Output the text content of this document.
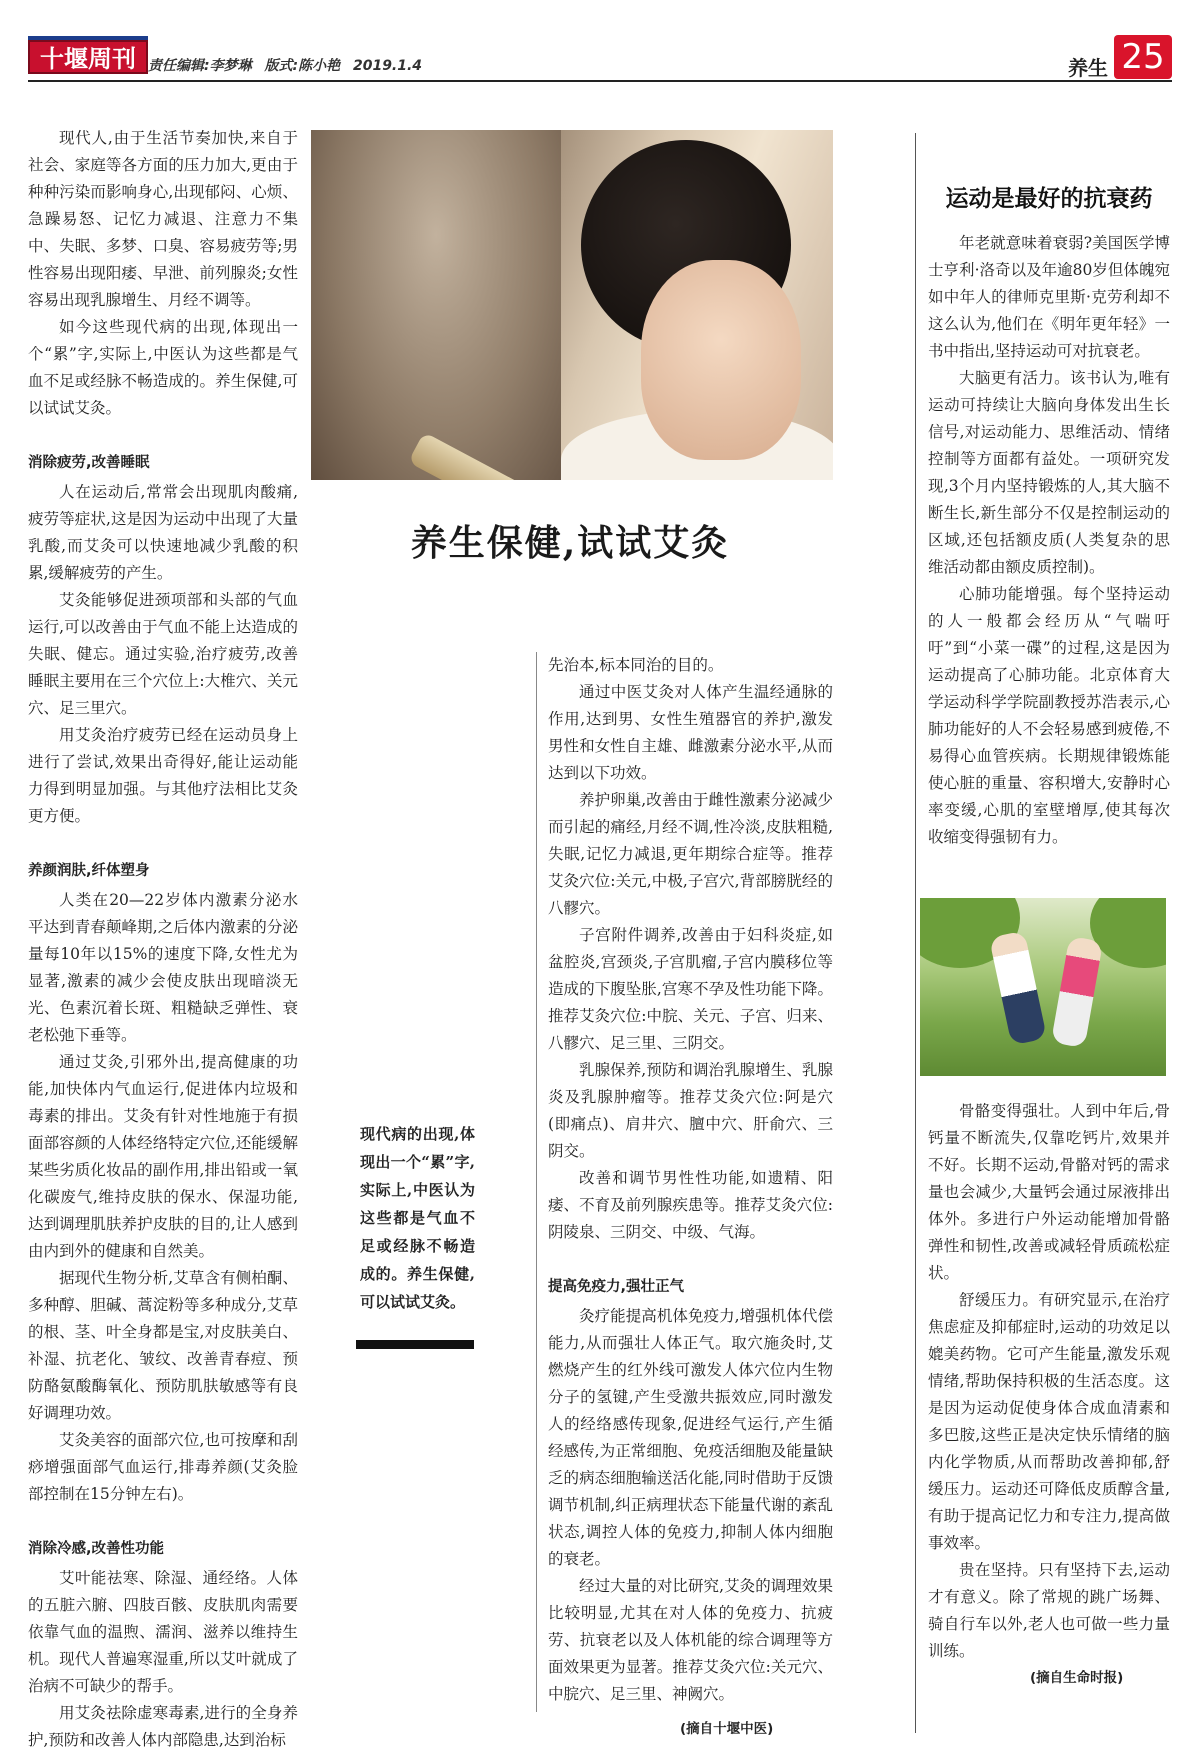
十堰周刊 责任编辑:李梦琳 版式:陈小艳 2019.1.4	养生 25

现代人,由于生活节奏加快,来自于社会、家庭等各方面的压力加大,更由于种种污染而影响身心,出现郁闷、心烦、急躁易怒、记忆力减退、注意力不集中、失眠、多梦、口臭、容易疲劳等;男性容易出现阳痿、早泄、前列腺炎;女性容易出现乳腺增生、月经不调等。

如今这些现代病的出现,体现出一个“累”字,实际上,中医认为这些都是气血不足或经脉不畅造成的。养生保健,可以试试艾灸。

消除疲劳,改善睡眠

人在运动后,常常会出现肌肉酸痛,疲劳等症状,这是因为运动中出现了大量乳酸,而艾灸可以快速地减少乳酸的积累,缓解疲劳的产生。

艾灸能够促进颈项部和头部的气血运行,可以改善由于气血不能上达造成的失眠、健忘。通过实验,治疗疲劳,改善睡眠主要用在三个穴位上:大椎穴、关元穴、足三里穴。

用艾灸治疗疲劳已经在运动员身上进行了尝试,效果出奇得好,能让运动能力得到明显加强。与其他疗法相比艾灸更方便。

养颜润肤,纤体塑身

人类在20—22岁体内激素分泌水平达到青春颠峰期,之后体内激素的分泌量每10年以15%的速度下降,女性尤为显著,激素的减少会使皮肤出现暗淡无光、色素沉着长斑、粗糙缺乏弹性、衰老松弛下垂等。

通过艾灸,引邪外出,提高健康的功能,加快体内气血运行,促进体内垃圾和毒素的排出。艾灸有针对性地施于有损面部容颜的人体经络特定穴位,还能缓解某些劣质化妆品的副作用,排出铅或一氧化碳废气,维持皮肤的保水、保湿功能,达到调理肌肤养护皮肤的目的,让人感到由内到外的健康和自然美。

据现代生物分析,艾草含有侧柏酮、多种醇、胆碱、蒿淀粉等多种成分,艾草的根、茎、叶全身都是宝,对皮肤美白、补湿、抗老化、皱纹、改善青春痘、预防酪氨酸酶氧化、预防肌肤敏感等有良好调理功效。

艾灸美容的面部穴位,也可按摩和刮痧增强面部气血运行,排毒养颜(艾灸脸部控制在15分钟左右)。

消除冷感,改善性功能

艾叶能祛寒、除湿、通经络。人体的五脏六腑、四肢百骸、皮肤肌肉需要依靠气血的温煦、濡润、滋养以维持生机。现代人普遍寒湿重,所以艾叶就成了治病不可缺少的帮手。

用艾灸祛除虚寒毒素,进行的全身养护,预防和改善人体内部隐患,达到治标

养生保健,试试艾灸
现代病的出现,体现出一个“累”字,实际上,中医认为这些都是气血不足或经脉不畅造成的。养生保健,可以试试艾灸。

先治本,标本同治的目的。

通过中医艾灸对人体产生温经通脉的作用,达到男、女性生殖器官的养护,激发男性和女性自主雄、雌激素分泌水平,从而达到以下功效。

养护卵巢,改善由于雌性激素分泌减少而引起的痛经,月经不调,性冷淡,皮肤粗糙,失眠,记忆力减退,更年期综合症等。推荐艾灸穴位:关元,中极,子宫穴,背部膀胱经的八髎穴。

子宫附件调养,改善由于妇科炎症,如盆腔炎,宫颈炎,子宫肌瘤,子宫内膜移位等造成的下腹坠胀,宫寒不孕及性功能下降。推荐艾灸穴位:中脘、关元、子宫、归来、八髎穴、足三里、三阴交。

乳腺保养,预防和调治乳腺增生、乳腺炎及乳腺肿瘤等。推荐艾灸穴位:阿是穴(即痛点)、肩井穴、膻中穴、肝俞穴、三阴交。

改善和调节男性性功能,如遗精、阳痿、不育及前列腺疾患等。推荐艾灸穴位:阴陵泉、三阴交、中级、气海。

提高免疫力,强壮正气

灸疗能提高机体免疫力,增强机体代偿能力,从而强壮人体正气。取穴施灸时,艾燃烧产生的红外线可激发人体穴位内生物分子的氢键,产生受激共振效应,同时激发人的经络感传现象,促进经气运行,产生循经感传,为正常细胞、免疫活细胞及能量缺乏的病态细胞输送活化能,同时借助于反馈调节机制,纠正病理状态下能量代谢的紊乱状态,调控人体的免疫力,抑制人体内细胞的衰老。

经过大量的对比研究,艾灸的调理效果比较明显,尤其在对人体的免疫力、抗疲劳、抗衰老以及人体机能的综合调理等方面效果更为显著。推荐艾灸穴位:关元穴、中脘穴、足三里、神阙穴。

(摘自十堰中医)
运动是最好的抗衰药

年老就意味着衰弱?美国医学博士亨利·洛奇以及年逾80岁但体魄宛如中年人的律师克里斯·克劳利却不这么认为,他们在《明年更年轻》一书中指出,坚持运动可对抗衰老。

大脑更有活力。该书认为,唯有运动可持续让大脑向身体发出生长信号,对运动能力、思维活动、情绪控制等方面都有益处。一项研究发现,3个月内坚持锻炼的人,其大脑不断生长,新生部分不仅是控制运动的区域,还包括额皮质(人类复杂的思维活动都由额皮质控制)。

心肺功能增强。每个坚持运动的人一般都会经历从“气喘吁吁”到“小菜一碟”的过程,这是因为运动提高了心肺功能。北京体育大学运动科学学院副教授苏浩表示,心肺功能好的人不会轻易感到疲倦,不易得心血管疾病。长期规律锻炼能使心脏的重量、容积增大,安静时心率变缓,心肌的室壁增厚,使其每次收缩变得强韧有力。

骨骼变得强壮。人到中年后,骨钙量不断流失,仅靠吃钙片,效果并不好。长期不运动,骨骼对钙的需求量也会减少,大量钙会通过尿液排出体外。多进行户外运动能增加骨骼弹性和韧性,改善或减轻骨质疏松症状。

舒缓压力。有研究显示,在治疗焦虑症及抑郁症时,运动的功效足以媲美药物。它可产生能量,激发乐观情绪,帮助保持积极的生活态度。这是因为运动促使身体合成血清素和多巴胺,这些正是决定快乐情绪的脑内化学物质,从而帮助改善抑郁,舒缓压力。运动还可降低皮质醇含量,有助于提高记忆力和专注力,提高做事效率。

贵在坚持。只有坚持下去,运动才有意义。除了常规的跳广场舞、骑自行车以外,老人也可做一些力量训练。

(摘自生命时报)
